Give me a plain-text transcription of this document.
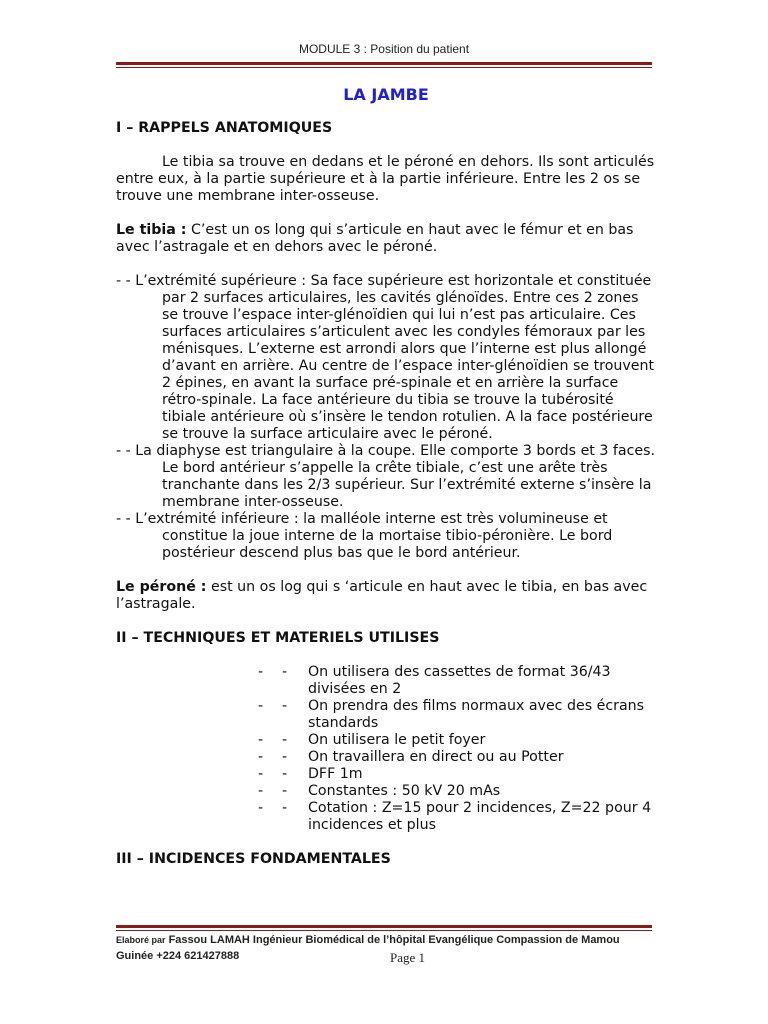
MODULE 3 : Position du patient
LA JAMBE
I – RAPPELS ANATOMIQUES

Le tibia sa trouve en dedans et le péroné en dehors. Ils sont articulés entre eux, à la partie supérieure et à la partie inférieure. Entre les 2 os se trouve une membrane inter-osseuse.

Le tibia : C’est un os long qui s’articule en haut avec le fémur et en bas avec l’astragale et en dehors avec le péroné.

- - L’extrémité supérieure : Sa face supérieure est horizontale et constituée par 2 surfaces articulaires, les cavités glénoïdes. Entre ces 2 zones se trouve l’espace inter-glénoïdien qui lui n’est pas articulaire. Ces surfaces articulaires s’articulent avec les condyles fémoraux par les ménisques. L’externe est arrondi alors que l’interne est plus allongé d’avant en arrière. Au centre de l’espace inter-glénoïdien se trouvent 2 épines, en avant la surface pré-spinale et en arrière la surface rétro-spinale. La face antérieure du tibia se trouve la tubérosité tibiale antérieure où s’insère le tendon rotulien. A la face postérieure se trouve la surface articulaire avec le péroné.

- - La diaphyse est triangulaire à la coupe. Elle comporte 3 bords et 3 faces. Le bord antérieur s’appelle la crête tibiale, c’est une arête très tranchante dans les 2/3 supérieur. Sur l’extrémité externe s’insère la membrane inter-osseuse.

- - L’extrémité inférieure : la malléole interne est très volumineuse et constitue la joue interne de la mortaise tibio-péronière. Le bord postérieur descend plus bas que le bord antérieur.

Le péroné : est un os log qui s ‘articule en haut avec le tibia, en bas avec l’astragale.

II – TECHNIQUES ET MATERIELS UTILISES
-	-	On utilisera des cassettes de format 36/43 divisées en 2
-	-	On prendra des films normaux avec des écrans standards
-	-	On utilisera le petit foyer
-	-	On travaillera en direct ou au Potter
-	-	DFF 1m
-	-	Constantes : 50 kV 20 mAs
-	-	Cotation : Z=15 pour 2 incidences, Z=22 pour 4 incidences et plus
III – INCIDENCES FONDAMENTALES
Elaboré par Fassou LAMAH Ingénieur Biomédical de l’hôpital Evangélique Compassion de Mamou
Guinée +224 621427888	Page 1
